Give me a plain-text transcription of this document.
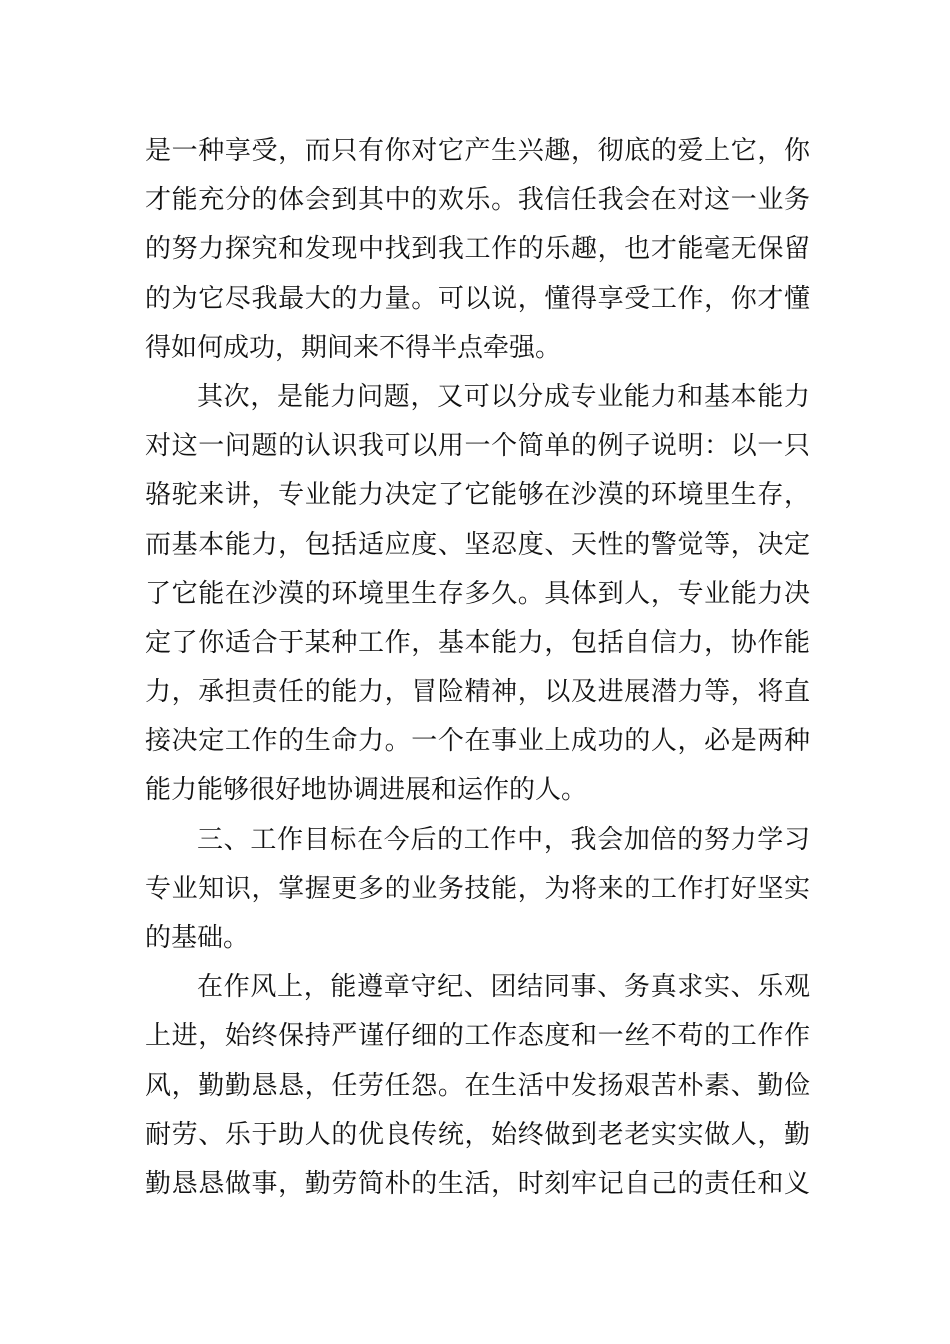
是一种享受，而只有你对它产生兴趣，彻底的爱上它，你
才能充分的体会到其中的欢乐。我信任我会在对这一业务
的努力探究和发现中找到我工作的乐趣，也才能毫无保留
的为它尽我最大的力量。可以说，懂得享受工作，你才懂
得如何成功，期间来不得半点牵强。
其次，是能力问题，又可以分成专业能力和基本能力
对这一问题的认识我可以用一个简单的例子说明：以一只
骆驼来讲，专业能力决定了它能够在沙漠的环境里生存，
而基本能力，包括适应度、坚忍度、天性的警觉等，决定
了它能在沙漠的环境里生存多久。具体到人，专业能力决
定了你适合于某种工作，基本能力，包括自信力，协作能
力，承担责任的能力，冒险精神，以及进展潜力等，将直
接决定工作的生命力。一个在事业上成功的人，必是两种
能力能够很好地协调进展和运作的人。
三、工作目标在今后的工作中，我会加倍的努力学习
专业知识，掌握更多的业务技能，为将来的工作打好坚实
的基础。
在作风上，能遵章守纪、团结同事、务真求实、乐观
上进，始终保持严谨仔细的工作态度和一丝不苟的工作作
风，勤勤恳恳，任劳任怨。在生活中发扬艰苦朴素、勤俭
耐劳、乐于助人的优良传统，始终做到老老实实做人，勤
勤恳恳做事，勤劳简朴的生活，时刻牢记自己的责任和义
